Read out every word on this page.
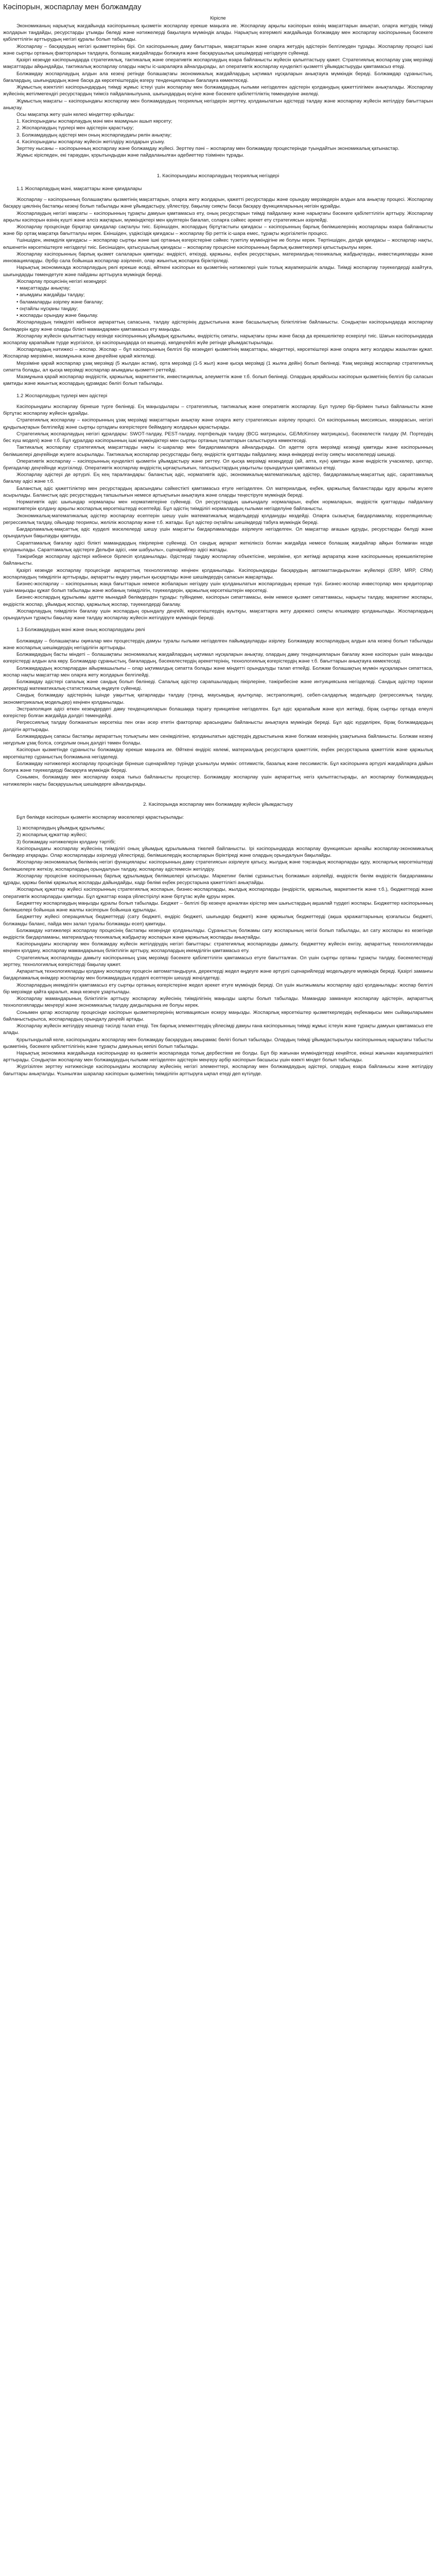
Кәсіпорын, жоспарлау мен болжамдау

Кіріспе

Экономиканың нарықтық жағдайында кәсіпорынның қызметін жоспарлау ерекше маңызға ие. Жоспарлау арқылы кәсіпорын өзінің мақсаттарын анықтап, оларға жетудің тиімді жолдарын таңдайды, ресурстарды ұтымды бөледі және нәтижелерді бақылауға мүмкіндік алады. Нарықтың өзгермелі жағдайында болжамдау мен жоспарлау кәсіпорынның бәсекеге қабілеттілігін арттырудың негізгі құралы болып табылады.

Жоспарлау – басқарудың негізгі қызметтерінің бірі. Ол кәсіпорынның даму бағыттарын, мақсаттарын және оларға жетудің әдістерін белгілеуден тұрады. Жоспарлау процесі ішкі және сыртқы ортаның факторларын талдауға, болашақ жағдайларды болжауға және басқарушылық шешімдерді негіздеуге сүйенеді.

Қазіргі кезеңде кәсіпорындарда стратегиялық, тактикалық және оперативтік жоспарлаудың өзара байланысты жүйесін қалыптастыру қажет. Стратегиялық жоспарлау ұзақ мерзімді мақсаттарды айқындайды, тактикалық жоспарлау оларды нақты іс-шараларға айналдырады, ал оперативтік жоспарлау күнделікті қызметті ұйымдастыруды қамтамасыз етеді.

Болжамдау жоспарлаудың алдын ала кезеңі ретінде болашақтағы экономикалық жағдайлардың ықтимал нұсқаларын анықтауға мүмкіндік береді. Болжамдар сұраныстың, бағалардың, шығындардың және басқа да көрсеткіштердің өзгеру тенденцияларын бағалауға көмектеседі.

Жұмыстың өзектілігі кәсіпорындардың тиімді жұмыс істеуі үшін жоспарлау мен болжамдаудың ғылыми негізделген әдістерін қолданудың қажеттілігімен анықталады. Жоспарлау жүйесінің жетілмегендігі ресурстардың тиімсіз пайдаланылуына, шығындардың өсуіне және бәсекеге қабілеттіліктің төмендеуіне әкеледі.

Жұмыстың мақсаты – кәсіпорындағы жоспарлау мен болжамдаудың теориялық негіздерін зерттеу, қолданылатын әдістерді талдау және жоспарлау жүйесін жетілдіру бағыттарын анықтау.

Осы мақсатқа жету үшін келесі міндеттер қойылды:

1. Кәсіпорындағы жоспарлаудың мәні мен мазмұнын ашып көрсету;

2. Жоспарлаудың түрлері мен әдістерін қарастыру;

3. Болжамдаудың әдістері мен оның жоспарлаудағы рөлін анықтау;

4. Кәсіпорындағы жоспарлау жүйесін жетілдіру жолдарын ұсыну.

Зерттеу нысаны – кәсіпорынның жоспарлау және болжамдау жүйесі. Зерттеу пәні – жоспарлау мен болжамдау процестерінде туындайтын экономикалық қатынастар.

Жұмыс кіріспеден, екі тараудан, қорытындыдан және пайдаланылған әдебиеттер тізімінен тұрады.

1. Кәсіпорындағы жоспарлаудың теориялық негіздері

1.1 Жоспарлаудың мәні, мақсаттары және қағидалары

Жоспарлау – кәсіпорынның болашақтағы қызметінің мақсаттарын, оларға жету жолдарын, қажетті ресурстарды және орындау мерзімдерін алдын ала анықтау процесі. Жоспарлау басқару циклінің бастапқы кезеңі болып табылады және ұйымдастыру, үйлестіру, бақылау сияқты басқа басқару функцияларының негізін құрайды.

Жоспарлаудың негізгі мақсаты – кәсіпорынның тұрақты дамуын қамтамасыз ету, оның ресурстарын тиімді пайдалану және нарықтағы бәсекеге қабілеттілігін арттыру. Жоспарлау арқылы кәсіпорын өзінің күшті және әлсіз жақтарын, мүмкіндіктері мен қауіптерін бағалап, соларға сәйкес әрекет ету стратегиясын әзірлейді.

Жоспарлау процесінде бірқатар қағидалар сақталуы тиіс. Біріншіден, жоспардың біртұтастығы қағидасы – кәсіпорынның барлық бөлімшелерінің жоспарлары өзара байланысты және бір ортақ мақсатқа бағытталуы керек. Екіншіден, үздіксіздік қағидасы – жоспарлау бір реттік іс-шара емес, тұрақты жүргізілетін процесс.

Үшіншіден, икемділік қағидасы – жоспарлар сыртқы және ішкі ортаның өзгерістеріне сәйкес түзетілу мүмкіндігіне ие болуы керек. Төртіншіден, дәлдік қағидасы – жоспарлар нақты, өлшенетін көрсеткіштерге негізделуі тиіс. Бесіншіден, қатысушылық қағидасы – жоспарлау процесіне кәсіпорынның барлық қызметкерлері қатыстырылуы керек.

Жоспарлау кәсіпорынның барлық қызмет салаларын қамтиды: өндірісті, өткізуді, қаржыны, еңбек ресурстарын, материалдық-техникалық жабдықтауды, инвестицияларды және инновацияларды. Әрбір сала бойынша жоспарлар әзірленіп, олар жиынтық жоспарға біріктіріледі.

Нарықтық экономикада жоспарлаудың рөлі ерекше өседі, өйткені кәсіпорын өз қызметінің нәтижелері үшін толық жауапкершілік алады. Тиімді жоспарлау тәуекелдерді азайтуға, шығындарды төмендетуге және пайданы арттыруға мүмкіндік береді.

Жоспарлау процесінің негізгі кезеңдері:

• мақсаттарды анықтау;

• ағымдағы жағдайды талдау;

• баламаларды әзірлеу және бағалау;

• оңтайлы нұсқаны таңдау;

• жоспарды орындау және бақылау.

Жоспарлаудың тиімділігі көбінесе ақпараттың сапасына, талдау әдістерінің дұрыстығына және басшылықтың біліктілігіне байланысты. Сондықтан кәсіпорындарда жоспарлау бөлімдерін құру және оларды білікті мамандармен қамтамасыз ету маңызды.

Жоспарлау жүйесін қалыптастыру кезінде кәсіпорынның ұйымдық құрылымы, өндірістің сипаты, нарықтағы орны және басқа да ерекшеліктер ескерілуі тиіс. Шағын кәсіпорындарда жоспарлау қарапайым түрде жүргізілсе, ірі кәсіпорындарда ол кешенді, көпдеңгейлі жүйе ретінде ұйымдастырылады.

Жоспарлаудың нәтижесі – жоспар. Жоспар – бұл кәсіпорынның белгілі бір кезеңдегі қызметінің мақсаттары, міндеттері, көрсеткіштері және оларға жету жолдары жазылған құжат. Жоспарлар мерзіміне, мазмұнына және деңгейіне қарай жіктеледі.

Мерзіміне қарай жоспарлар ұзақ мерзімді (5 жылдан астам), орта мерзімді (1-5 жыл) және қысқа мерзімді (1 жылға дейін) болып бөлінеді. Ұзақ мерзімді жоспарлар стратегиялық сипатта болады, ал қысқа мерзімді жоспарлар ағымдағы қызметті реттейді.

Мазмұнына қарай жоспарлар өндірістік, қаржылық, маркетингтік, инвестициялық, әлеуметтік және т.б. болып бөлінеді. Олардың әрқайсысы кәсіпорын қызметінің белгілі бір саласын қамтиды және жиынтық жоспардың құрамдас бөлігі болып табылады.

1.2 Жоспарлаудың түрлері мен әдістері

Кәсіпорындағы жоспарлау бірнеше түрге бөлінеді. Ең маңыздылары – стратегиялық, тактикалық және оперативтік жоспарлау. Бұл түрлер бір-бірімен тығыз байланысты және біртұтас жоспарлау жүйесін құрайды.

Стратегиялық жоспарлау – кәсіпорынның ұзақ мерзімді мақсаттарын анықтау және оларға жету стратегиясын әзірлеу процесі. Ол кәсіпорынның миссиясын, көзқарасын, негізгі құндылықтарын белгілейді және сыртқы ортадағы өзгерістерге бейімделу жолдарын қарастырады.

Стратегиялық жоспарлаудың негізгі құралдары: SWOT-талдау, PEST-талдау, портфельдік талдау (BCG матрицасы, GE/McKinsey матрицасы), бәсекелестік талдау (М. Портердің бес күш моделі) және т.б. Бұл құралдар кәсіпорынның ішкі мүмкіндіктері мен сыртқы ортаның талаптарын салыстыруға көмектеседі.

Тактикалық жоспарлау стратегиялық мақсаттарды нақты іс-шаралар мен бағдарламаларға айналдырады. Ол әдетте орта мерзімді кезеңді қамтиды және кәсіпорынның бөлімшелері деңгейінде жүзеге асырылады. Тактикалық жоспарлар ресурстарды бөлу, өндірістік қуаттарды пайдалану, жаңа өнімдерді енгізу сияқты мәселелерді шешеді.

Оперативтік жоспарлау – кәсіпорынның күнделікті қызметін ұйымдастыру және реттеу. Ол қысқа мерзімді кезеңдерді (ай, апта, күн) қамтиды және өндірістік учаскелер, цехтар, бригадалар деңгейінде жүргізіледі. Оперативтік жоспарлау өндірістің ырғақтылығын, тапсырыстардың уақытылы орындалуын қамтамасыз етеді.

Жоспарлау әдістері де әртүрлі. Ең кең таралғандары: баланстық әдіс, нормативтік әдіс, экономикалық-математикалық әдістер, бағдарламалық-мақсаттық әдіс, сараптамалық бағалау әдісі және т.б.

Баланстық әдіс қажеттіліктер мен ресурстардың арасындағы сәйкестікті қамтамасыз етуге негізделген. Ол материалдық, еңбек, қаржылық баланстарды құру арқылы жүзеге асырылады. Баланстық әдіс ресурстардың тапшылығын немесе артықтығын анықтауға және оларды теңестіруге мүмкіндік береді.

Нормативтік әдіс шығындар нормалары мен нормативтеріне сүйенеді. Ол ресурстардың шығындалу нормаларын, еңбек нормаларын, өндірістік қуаттарды пайдалану нормативтерін қолдану арқылы жоспарлық көрсеткіштерді есептейді. Бұл әдістің тиімділігі нормалардың ғылыми негізделуіне байланысты.

Экономикалық-математикалық әдістер жоспарлау есептерін шешу үшін математикалық модельдерді қолдануды көздейді. Оларға сызықтық бағдарламалау, корреляциялық-регрессиялық талдау, ойындар теориясы, желілік жоспарлау және т.б. жатады. Бұл әдістер оңтайлы шешімдерді табуға мүмкіндік береді.

Бағдарламалық-мақсаттық әдіс күрделі мәселелерді шешу үшін мақсатты бағдарламаларды әзірлеуге негізделген. Ол мақсаттар ағашын құруды, ресурстарды бөлуді және орындалуын бақылауды қамтиды.

Сараптамалық бағалау әдісі білікті мамандардың пікірлеріне сүйенеді. Ол сандық ақпарат жеткіліксіз болған жағдайда немесе болашақ жағдайлар айқын болмаған кезде қолданылады. Сараптамалық әдістерге Дельфи әдісі, «ми шабуылы», сценарийлер әдісі жатады.

Тәжірибеде жоспарлау әдістері көбінесе бірлесіп қолданылады. Әдістерді таңдау жоспарлау объектісіне, мерзіміне, қол жетімді ақпаратқа және кәсіпорынның ерекшеліктеріне байланысты.

Қазіргі кезеңде жоспарлау процесінде ақпараттық технологиялар кеңінен қолданылады. Кәсіпорындарды басқарудың автоматтандырылған жүйелері (ERP, MRP, CRM) жоспарлаудың тиімділігін арттырады, ақпаратты өңдеу уақытын қысқартады және шешімдердің сапасын жақсартады.

Бизнес-жоспарлау – кәсіпорынның жаңа бағыттарын немесе жобаларын негіздеу үшін қолданылатын жоспарлаудың ерекше түрі. Бизнес-жоспар инвесторлар мен кредиторлар үшін маңызды құжат болып табылады және жобаның тиімділігін, тәуекелдерін, қаржылық көрсеткіштерін көрсетеді.

Бизнес-жоспардың құрылымы әдетте мынадай бөлімдерден тұрады: түйіндеме, кәсіпорын сипаттамасы, өнім немесе қызмет сипаттамасы, нарықты талдау, маркетинг жоспары, өндірістік жоспар, ұйымдық жоспар, қаржылық жоспар, тәуекелдерді бағалау.

Жоспарлаудың тиімділігін бағалау үшін жоспардың орындалу деңгейі, көрсеткіштердің ауытқуы, мақсаттарға жету дәрежесі сияқты өлшемдер қолданылады. Жоспарлардың орындалуын тұрақты бақылау және талдау жоспарлау жүйесін жетілдіруге мүмкіндік береді.

1.3 Болжамдаудың мәні және оның жоспарлаудағы рөлі

Болжамдау – болашақтағы оқиғалар мен процестердің дамуы туралы ғылыми негізделген пайымдауларды әзірлеу. Болжамдау жоспарлаудың алдын ала кезеңі болып табылады және жоспарлық шешімдердің негізділігін арттырады.

Болжамдаудың басты міндеті – болашақтағы экономикалық жағдайлардың ықтимал нұсқаларын анықтау, олардың даму тенденцияларын бағалау және кәсіпорын үшін маңызды өзгерістерді алдын ала көру. Болжамдар сұраныстың, бағалардың, бәсекелестердің әрекеттерінің, технологиялық өзгерістердің және т.б. бағыттарын анықтауға көмектеседі.

Болжамдардың жоспарлардан айырмашылығы – олар ықтималдық сипатта болады және міндетті орындалуды талап етпейді. Болжам болашақтың мүмкін нұсқаларын сипаттаса, жоспар нақты мақсаттар мен оларға жету жолдарын белгілейді.

Болжамдау әдістері сапалық және сандық болып бөлінеді. Сапалық әдістер сарапшылардың пікірлеріне, тәжірибесіне және интуициясына негізделеді. Сандық әдістер тарихи деректерді математикалық-статистикалық өңдеуге сүйенеді.

Сандық болжамдау әдістерінің ішінде уақыттық қатарларды талдау (тренд, маусымдық ауытқулар, экстраполяция), себеп-салдарлық модельдер (регрессиялық талдау, эконометрикалық модельдер) кеңінен қолданылады.

Экстраполяция әдісі өткен кезеңдердегі даму тенденцияларын болашаққа тарату принципіне негізделген. Бұл әдіс қарапайым және қол жетімді, бірақ сыртқы ортада елеулі өзгерістер болған жағдайда дәлдігі төмендейді.

Регрессиялық талдау болжанатын көрсеткіш пен оған әсер ететін факторлар арасындағы байланысты анықтауға мүмкіндік береді. Бұл әдіс күрделірек, бірақ болжамдардың дәлдігін арттырады.

Болжамдардың сапасы бастапқы ақпараттың толықтығы мен сенімділігіне, қолданылатын әдістердің дұрыстығына және болжам кезеңінің ұзақтығына байланысты. Болжам кезеңі неғұрлым ұзақ болса, соғұрлым оның дәлдігі төмен болады.

Кәсіпорын қызметінде сұранысты болжамдау ерекше маңызға ие. Өйткені өндіріс көлемі, материалдық ресурстарға қажеттілік, еңбек ресурстарына қажеттілік және қаржылық көрсеткіштер сұраныстың болжамына негізделеді.

Болжамдау нәтижелері жоспарлау процесінде бірнеше сценарийлер түрінде ұсынылуы мүмкін: оптимистік, базалық және пессимистік. Бұл кәсіпорынға әртүрлі жағдайларға дайын болуға және тәуекелдерді басқаруға мүмкіндік береді.

Сонымен, болжамдау мен жоспарлау өзара тығыз байланысты процестер. Болжамдау жоспарлау үшін ақпараттық негіз қалыптастырады, ал жоспарлау болжамдардың нәтижелерін нақты басқарушылық шешімдерге айналдырады.

2. Кәсіпорында жоспарлау мен болжамдау жүйесін ұйымдастыру

Бұл бөлімде кәсіпорын қызметін жоспарлау мәселелері қарастырылады:

1) жоспарлаудың ұйымдық құрылымы;

2) жоспарлық құжаттар жүйесі;

3) болжамдау нәтижелерін қолдану тәртібі;

Кәсіпорындағы жоспарлау жүйесінің тиімділігі оның ұйымдық құрылымына тікелей байланысты. Ірі кәсіпорындарда жоспарлау функциясын арнайы жоспарлау-экономикалық бөлімдер атқарады. Олар жоспарларды әзірлеуді үйлестіреді, бөлімшелердің жоспарларын біріктіреді және олардың орындалуын бақылайды.

Жоспарлау-экономикалық бөлімнің негізгі функциялары: кәсіпорынның даму стратегиясын әзірлеуге қатысу, жылдық және тоқсандық жоспарларды құру, жоспарлық көрсеткіштерді бөлімшелерге жеткізу, жоспарлардың орындалуын талдау, жоспарлау әдістемесін жетілдіру.

Жоспарлау процесіне кәсіпорынның барлық құрылымдық бөлімшелері қатысады. Маркетинг бөлімі сұраныстың болжамын әзірлейді, өндірістік бөлім өндірістік бағдарламаны құрады, қаржы бөлімі қаржылық жоспарды дайындайды, кадр бөлімі еңбек ресурстарына қажеттілікті анықтайды.

Жоспарлық құжаттар жүйесі кәсіпорынның стратегиялық жоспарын, бизнес-жоспарларды, жылдық жоспарларды (өндірістік, қаржылық, маркетингтік және т.б.), бюджеттерді және оперативтік жоспарларды қамтиды. Бұл құжаттар өзара үйлестірілуі және біртұтас жүйе құруы керек.

Бюджеттеу жоспарлаудың маңызды құралы болып табылады. Бюджет – белгілі бір кезеңге арналған кірістер мен шығыстардың ақшалай түрдегі жоспары. Бюджеттер кәсіпорынның бөлімшелері бойынша және жалпы кәсіпорын бойынша құрылады.

Бюджеттеу жүйесі операциялық бюджеттерді (сату бюджеті, өндіріс бюджеті, шығындар бюджеті) және қаржылық бюджеттерді (ақша қаражаттарының қозғалысы бюджеті, болжамды баланс, пайда мен залал туралы болжамды есеп) қамтиды.

Болжамдау нәтижелері жоспарлау процесінің бастапқы кезеңінде қолданылады. Сұраныстың болжамы сату жоспарының негізі болып табылады, ал сату жоспары өз кезегінде өндірістік бағдарламаны, материалдық-техникалық жабдықтау жоспарын және қаржылық жоспарды анықтайды.

Кәсіпорындағы жоспарлау мен болжамдау жүйесін жетілдірудің негізгі бағыттары: стратегиялық жоспарлауды дамыту, бюджеттеу жүйесін енгізу, ақпараттық технологияларды кеңінен қолдану, жоспарлау мамандарының біліктілігін арттыру, жоспарлардың икемділігін қамтамасыз ету.

Стратегиялық жоспарлауды дамыту кәсіпорынның ұзақ мерзімді бәсекеге қабілеттілігін қамтамасыз етуге бағытталған. Ол үшін сыртқы ортаны тұрақты талдау, бәсекелестерді зерттеу, технологиялық өзгерістерді бақылау қажет.

Ақпараттық технологияларды қолдану жоспарлау процесін автоматтандыруға, деректерді жедел өңдеуге және әртүрлі сценарийлерді модельдеуге мүмкіндік береді. Қазіргі заманғы бағдарламалық өнімдер жоспарлау мен болжамдаудың күрделі есептерін шешуді жеңілдетеді.

Жоспарлардың икемділігін қамтамасыз ету сыртқы ортаның өзгерістеріне жедел әрекет етуге мүмкіндік береді. Ол үшін жылжымалы жоспарлау әдісі қолданылады: жоспар белгілі бір мерзімде қайта қаралып, жаңа кезеңге ұзартылады.

Жоспарлау мамандарының біліктілігін арттыру жоспарлау жүйесінің тиімділігінің маңызды шарты болып табылады. Мамандар заманауи жоспарлау әдістерін, ақпараттық технологияларды меңгеруі және экономикалық талдау дағдыларына ие болуы керек.

Сонымен қатар жоспарлау процесінде кәсіпорын қызметкерлерінің мотивациясын ескеру маңызды. Жоспарлық көрсеткіштер қызметкерлердің еңбекақысы мен сыйақыларымен байланыстырылса, жоспарлардың орындалу деңгейі артады.

Жоспарлау жүйесін жетілдіру кешенді тәсілді талап етеді. Тек барлық элементтердің үйлесімді дамуы ғана кәсіпорынның тиімді жұмыс істеуін және тұрақты дамуын қамтамасыз ете алады.

Қорытындылай келе, кәсіпорындағы жоспарлау мен болжамдау басқарудың ажырамас бөлігі болып табылады. Олардың тиімді ұйымдастырылуы кәсіпорынның нарықтағы табысты қызметінің, бәсекеге қабілеттілігінің және тұрақты дамуының кепілі болып табылады.

Нарықтық экономика жағдайында кәсіпорындар өз қызметін жоспарлауда толық дербестікке ие болды. Бұл бір жағынан мүмкіндіктерді кеңейтсе, екінші жағынан жауапкершілікті арттырады. Сондықтан жоспарлау мен болжамдаудың ғылыми негізделген әдістерін меңгеру әрбір кәсіпорын басшысы үшін өзекті міндет болып табылады.

Жүргізілген зерттеу нәтижесінде кәсіпорындағы жоспарлау жүйесінің негізгі элементтері, жоспарлау мен болжамдаудың әдістері, олардың өзара байланысы және жетілдіру бағыттары анықталды. Ұсынылған шаралар кәсіпорын қызметінің тиімділігін арттыруға ықпал етеді деп күтілуде.
